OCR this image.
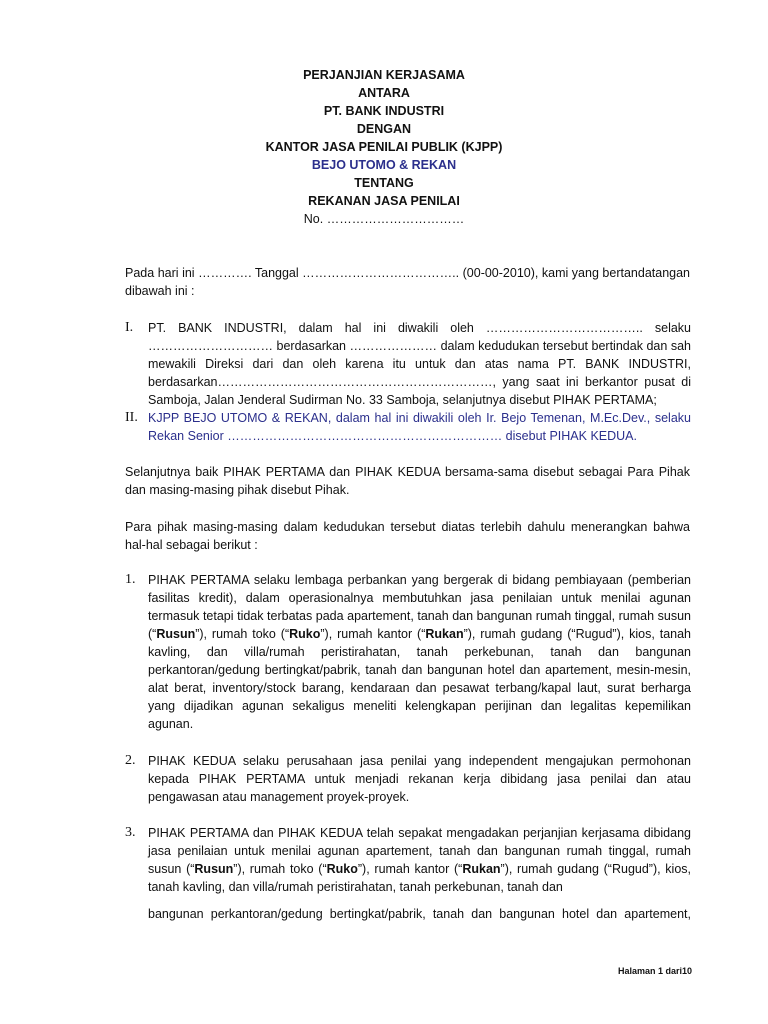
PERJANJIAN KERJASAMA
ANTARA
PT. BANK INDUSTRI
DENGAN
KANTOR JASA PENILAI PUBLIK (KJPP)
BEJO UTOMO & REKAN
TENTANG
REKANAN JASA PENILAI
No. ……………………………
Pada hari ini …………. Tanggal ……………………………….. (00-00-2010), kami yang bertandatangan dibawah ini :
I. PT. BANK INDUSTRI, dalam hal ini diwakili oleh ……………………………….. selaku ………………………… berdasarkan ………………… dalam kedudukan tersebut bertindak dan sah mewakili Direksi dari dan oleh karena itu untuk dan atas nama PT. BANK INDUSTRI, berdasarkan…………………………………………………………, yang saat ini berkantor pusat di Samboja, Jalan Jenderal Sudirman No. 33 Samboja, selanjutnya disebut PIHAK PERTAMA;
II. KJPP BEJO UTOMO & REKAN, dalam hal ini diwakili oleh Ir. Bejo Temenan, M.Ec.Dev., selaku Rekan Senior ………………………………………………………… disebut PIHAK KEDUA.
Selanjutnya baik PIHAK PERTAMA dan PIHAK KEDUA bersama-sama disebut sebagai Para Pihak dan masing-masing pihak disebut Pihak.
Para pihak masing-masing dalam kedudukan tersebut diatas terlebih dahulu menerangkan bahwa hal-hal sebagai berikut :
1. PIHAK PERTAMA selaku lembaga perbankan yang bergerak di bidang pembiayaan (pemberian fasilitas kredit), dalam operasionalnya membutuhkan jasa penilaian untuk menilai agunan termasuk tetapi tidak terbatas pada apartement, tanah dan bangunan rumah tinggal, rumah susun (“Rusun”), rumah toko (“Ruko”), rumah kantor (“Rukan”), rumah gudang (“Rugud”), kios, tanah kavling, dan villa/rumah peristirahatan, tanah perkebunan, tanah dan bangunan perkantoran/gedung bertingkat/pabrik, tanah dan bangunan hotel dan apartement, mesin-mesin, alat berat, inventory/stock barang, kendaraan dan pesawat terbang/kapal laut, surat berharga yang dijadikan agunan sekaligus meneliti kelengkapan perijinan dan legalitas kepemilikan agunan.
2. PIHAK KEDUA selaku perusahaan jasa penilai yang independent mengajukan permohonan kepada PIHAK PERTAMA untuk menjadi rekanan kerja dibidang jasa penilai dan atau pengawasan atau management proyek-proyek.
3. PIHAK PERTAMA dan PIHAK KEDUA telah sepakat mengadakan perjanjian kerjasama dibidang jasa penilaian untuk menilai agunan apartement, tanah dan bangunan rumah tinggal, rumah susun (“Rusun”), rumah toko (“Ruko”), rumah kantor (“Rukan”), rumah gudang (“Rugud”), kios, tanah kavling, dan villa/rumah peristirahatan, tanah perkebunan, tanah dan
bangunan perkantoran/gedung bertingkat/pabrik, tanah dan bangunan hotel dan apartement,
Halaman 1 dari10
